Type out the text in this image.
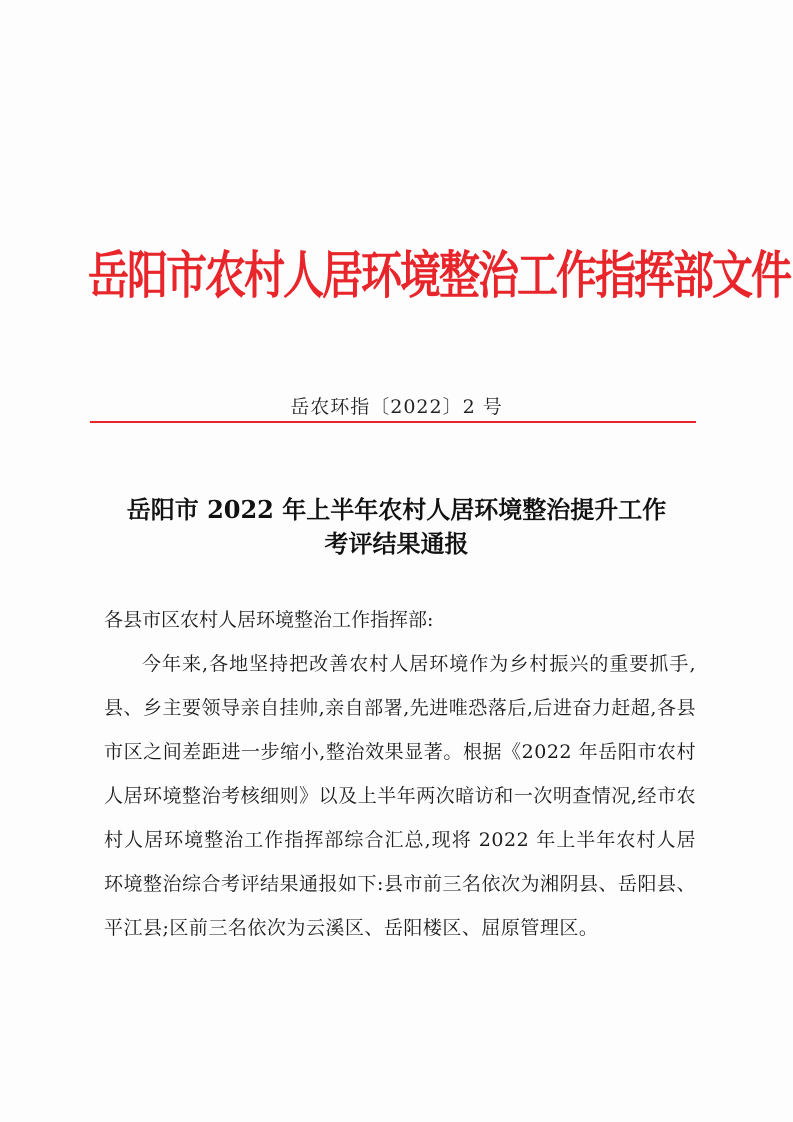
岳阳市农村人居环境整治工作指挥部文件
岳农环指〔2022〕2 号
岳阳市 2022 年上半年农村人居环境整治提升工作
考评结果通报

各县市区农村人居环境整治工作指挥部:

今年来,各地坚持把改善农村人居环境作为乡村振兴的重要抓手,县、乡主要领导亲自挂帅,亲自部署,先进唯恐落后,后进奋力赶超,各县市区之间差距进一步缩小,整治效果显著。根据《2022 年岳阳市农村人居环境整治考核细则》以及上半年两次暗访和一次明查情况,经市农村人居环境整治工作指挥部综合汇总,现将 2022 年上半年农村人居环境整治综合考评结果通报如下:县市前三名依次为湘阴县、岳阳县、平江县;区前三名依次为云溪区、岳阳楼区、屈原管理区。
